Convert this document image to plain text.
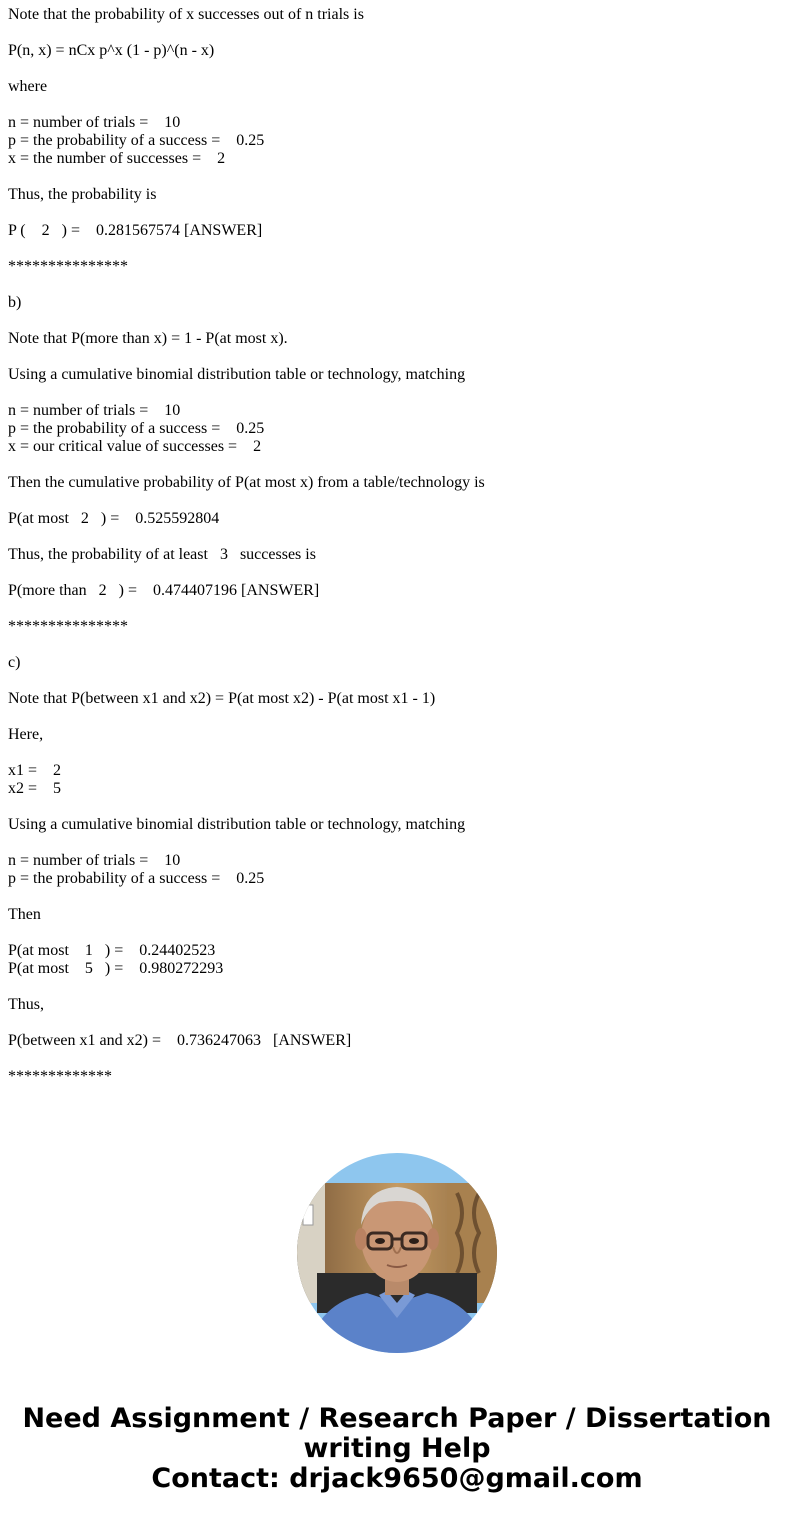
Note that the probability of x successes out of n trials is
P(n, x) = nCx p^x (1 - p)^(n - x)
where
n = number of trials =    10
p = the probability of a success =    0.25
x = the number of successes =    2
Thus, the probability is
P (    2   ) =    0.281567574 [ANSWER]
***************
b)
Note that P(more than x) = 1 - P(at most x).
Using a cumulative binomial distribution table or technology, matching
n = number of trials =    10
p = the probability of a success =    0.25
x = our critical value of successes =    2
Then the cumulative probability of P(at most x) from a table/technology is
P(at most   2   ) =    0.525592804
Thus, the probability of at least   3   successes is
P(more than   2   ) =    0.474407196 [ANSWER]
***************
c)
Note that P(between x1 and x2) = P(at most x2) - P(at most x1 - 1)
Here,
x1 =    2
x2 =    5
Using a cumulative binomial distribution table or technology, matching
n = number of trials =    10
p = the probability of a success =    0.25
Then
P(at most    1   ) =    0.24402523
P(at most    5   ) =    0.980272293
Thus,
P(between x1 and x2) =    0.736247063   [ANSWER]
*************
Need Assignment / Research Paper / Dissertation
writing Help
Contact: drjack9650@gmail.com
